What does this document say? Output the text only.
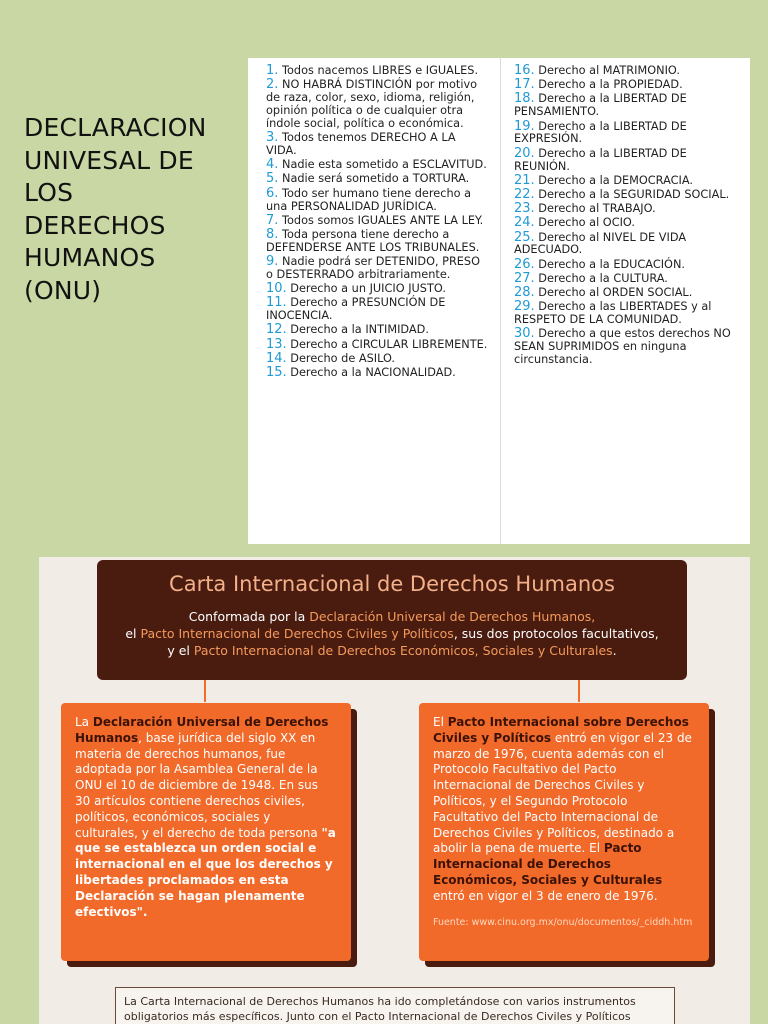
DECLARACION
UNIVESAL DE
LOS
DERECHOS
HUMANOS
(ONU)
1. Todos nacemos LIBRES e IGUALES.
2. NO HABRÁ DISTINCIÓN por motivo de raza, color, sexo, idioma, religión, opinión política o de cualquier otra índole social, política o económica.
3. Todos tenemos DERECHO A LA VIDA.
4. Nadie esta sometido a ESCLAVITUD.
5. Nadie será sometido a TORTURA.
6. Todo ser humano tiene derecho a una PERSONALIDAD JURÍDICA.
7. Todos somos IGUALES ANTE LA LEY.
8. Toda persona tiene derecho a DEFENDERSE ANTE LOS TRIBUNALES.
9. Nadie podrá ser DETENIDO, PRESO o DESTERRADO arbitrariamente.
10. Derecho a un JUICIO JUSTO.
11. Derecho a PRESUNCIÓN DE INOCENCIA.
12. Derecho a la INTIMIDAD.
13. Derecho a CIRCULAR LIBREMENTE.
14. Derecho de ASILO.
15. Derecho a la NACIONALIDAD.
16. Derecho al MATRIMONIO.
17. Derecho a la PROPIEDAD.
18. Derecho a la LIBERTAD DE PENSAMIENTO.
19. Derecho a la LIBERTAD DE EXPRESIÓN.
20. Derecho a la LIBERTAD DE REUNIÓN.
21. Derecho a la DEMOCRACIA.
22. Derecho a la SEGURIDAD SOCIAL.
23. Derecho al TRABAJO.
24. Derecho al OCIO.
25. Derecho al NIVEL DE VIDA ADECUADO.
26. Derecho a la EDUCACIÓN.
27. Derecho a la CULTURA.
28. Derecho al ORDEN SOCIAL.
29. Derecho a las LIBERTADES y al RESPETO DE LA COMUNIDAD.
30. Derecho a que estos derechos NO SEAN SUPRIMIDOS en ninguna circunstancia.
Carta Internacional de Derechos Humanos
Conformada por la Declaración Universal de Derechos Humanos,
el Pacto Internacional de Derechos Civiles y Políticos, sus dos protocolos facultativos,
y el Pacto Internacional de Derechos Económicos, Sociales y Culturales.
La Declaración Universal de Derechos Humanos, base jurídica del siglo XX en materia de derechos humanos, fue adoptada por la Asamblea General de la ONU el 10 de diciembre de 1948. En sus 30 artículos contiene derechos civiles, políticos, económicos, sociales y culturales, y el derecho de toda persona "a que se establezca un orden social e internacional en el que los derechos y libertades proclamados en esta Declaración se hagan plenamente efectivos".
El Pacto Internacional sobre Derechos Civiles y Políticos entró en vigor el 23 de marzo de 1976, cuenta además con el Protocolo Facultativo del Pacto Internacional de Derechos Civiles y Políticos, y el Segundo Protocolo Facultativo del Pacto Internacional de Derechos Civiles y Políticos, destinado a abolir la pena de muerte. El Pacto Internacional de Derechos Económicos, Sociales y Culturales entró en vigor el 3 de enero de 1976.
Fuente: www.cinu.org.mx/onu/documentos/_ciddh.htm
La Carta Internacional de Derechos Humanos ha ido completándose con varios instrumentos obligatorios más específicos. Junto con el Pacto Internacional de Derechos Civiles y Políticos
